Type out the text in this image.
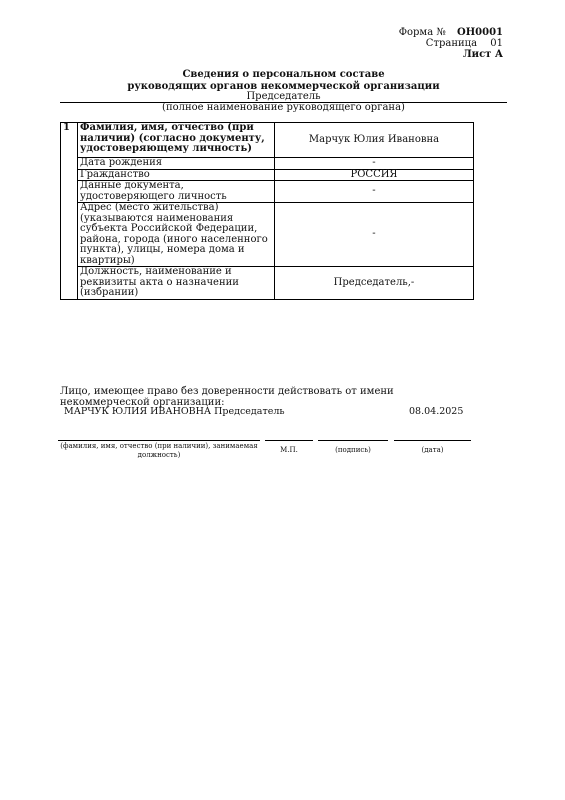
Форма № ОН0001
Страница 01
Лист А
Сведения о персональном составе
руководящих органов некоммерческой организации
Председатель
(полное наименование руководящего органа)
1	Фамилия, имя, отчество (при наличии) (согласно документу, удостоверяющему личность)	Марчук Юлия Ивановна
	Дата рождения	-
	Гражданство	РОССИЯ
	Данные документа, удостоверяющего личность	-
	Адрес (место жительства) (указываются наименования субъекта Российской Федерации, района, города (иного населенного пункта), улицы, номера дома и квартиры)	-
	Должность, наименование и реквизиты акта о назначении (избрании)	Председатель,-
Лицо, имеющее право без доверенности действовать от имени некоммерческой организации:
МАРЧУК ЮЛИЯ ИВАНОВНА Председатель	08.04.2025
(фамилия, имя, отчество (при наличии), занимаемая должность)
М.П.	(подпись)	(дата)
